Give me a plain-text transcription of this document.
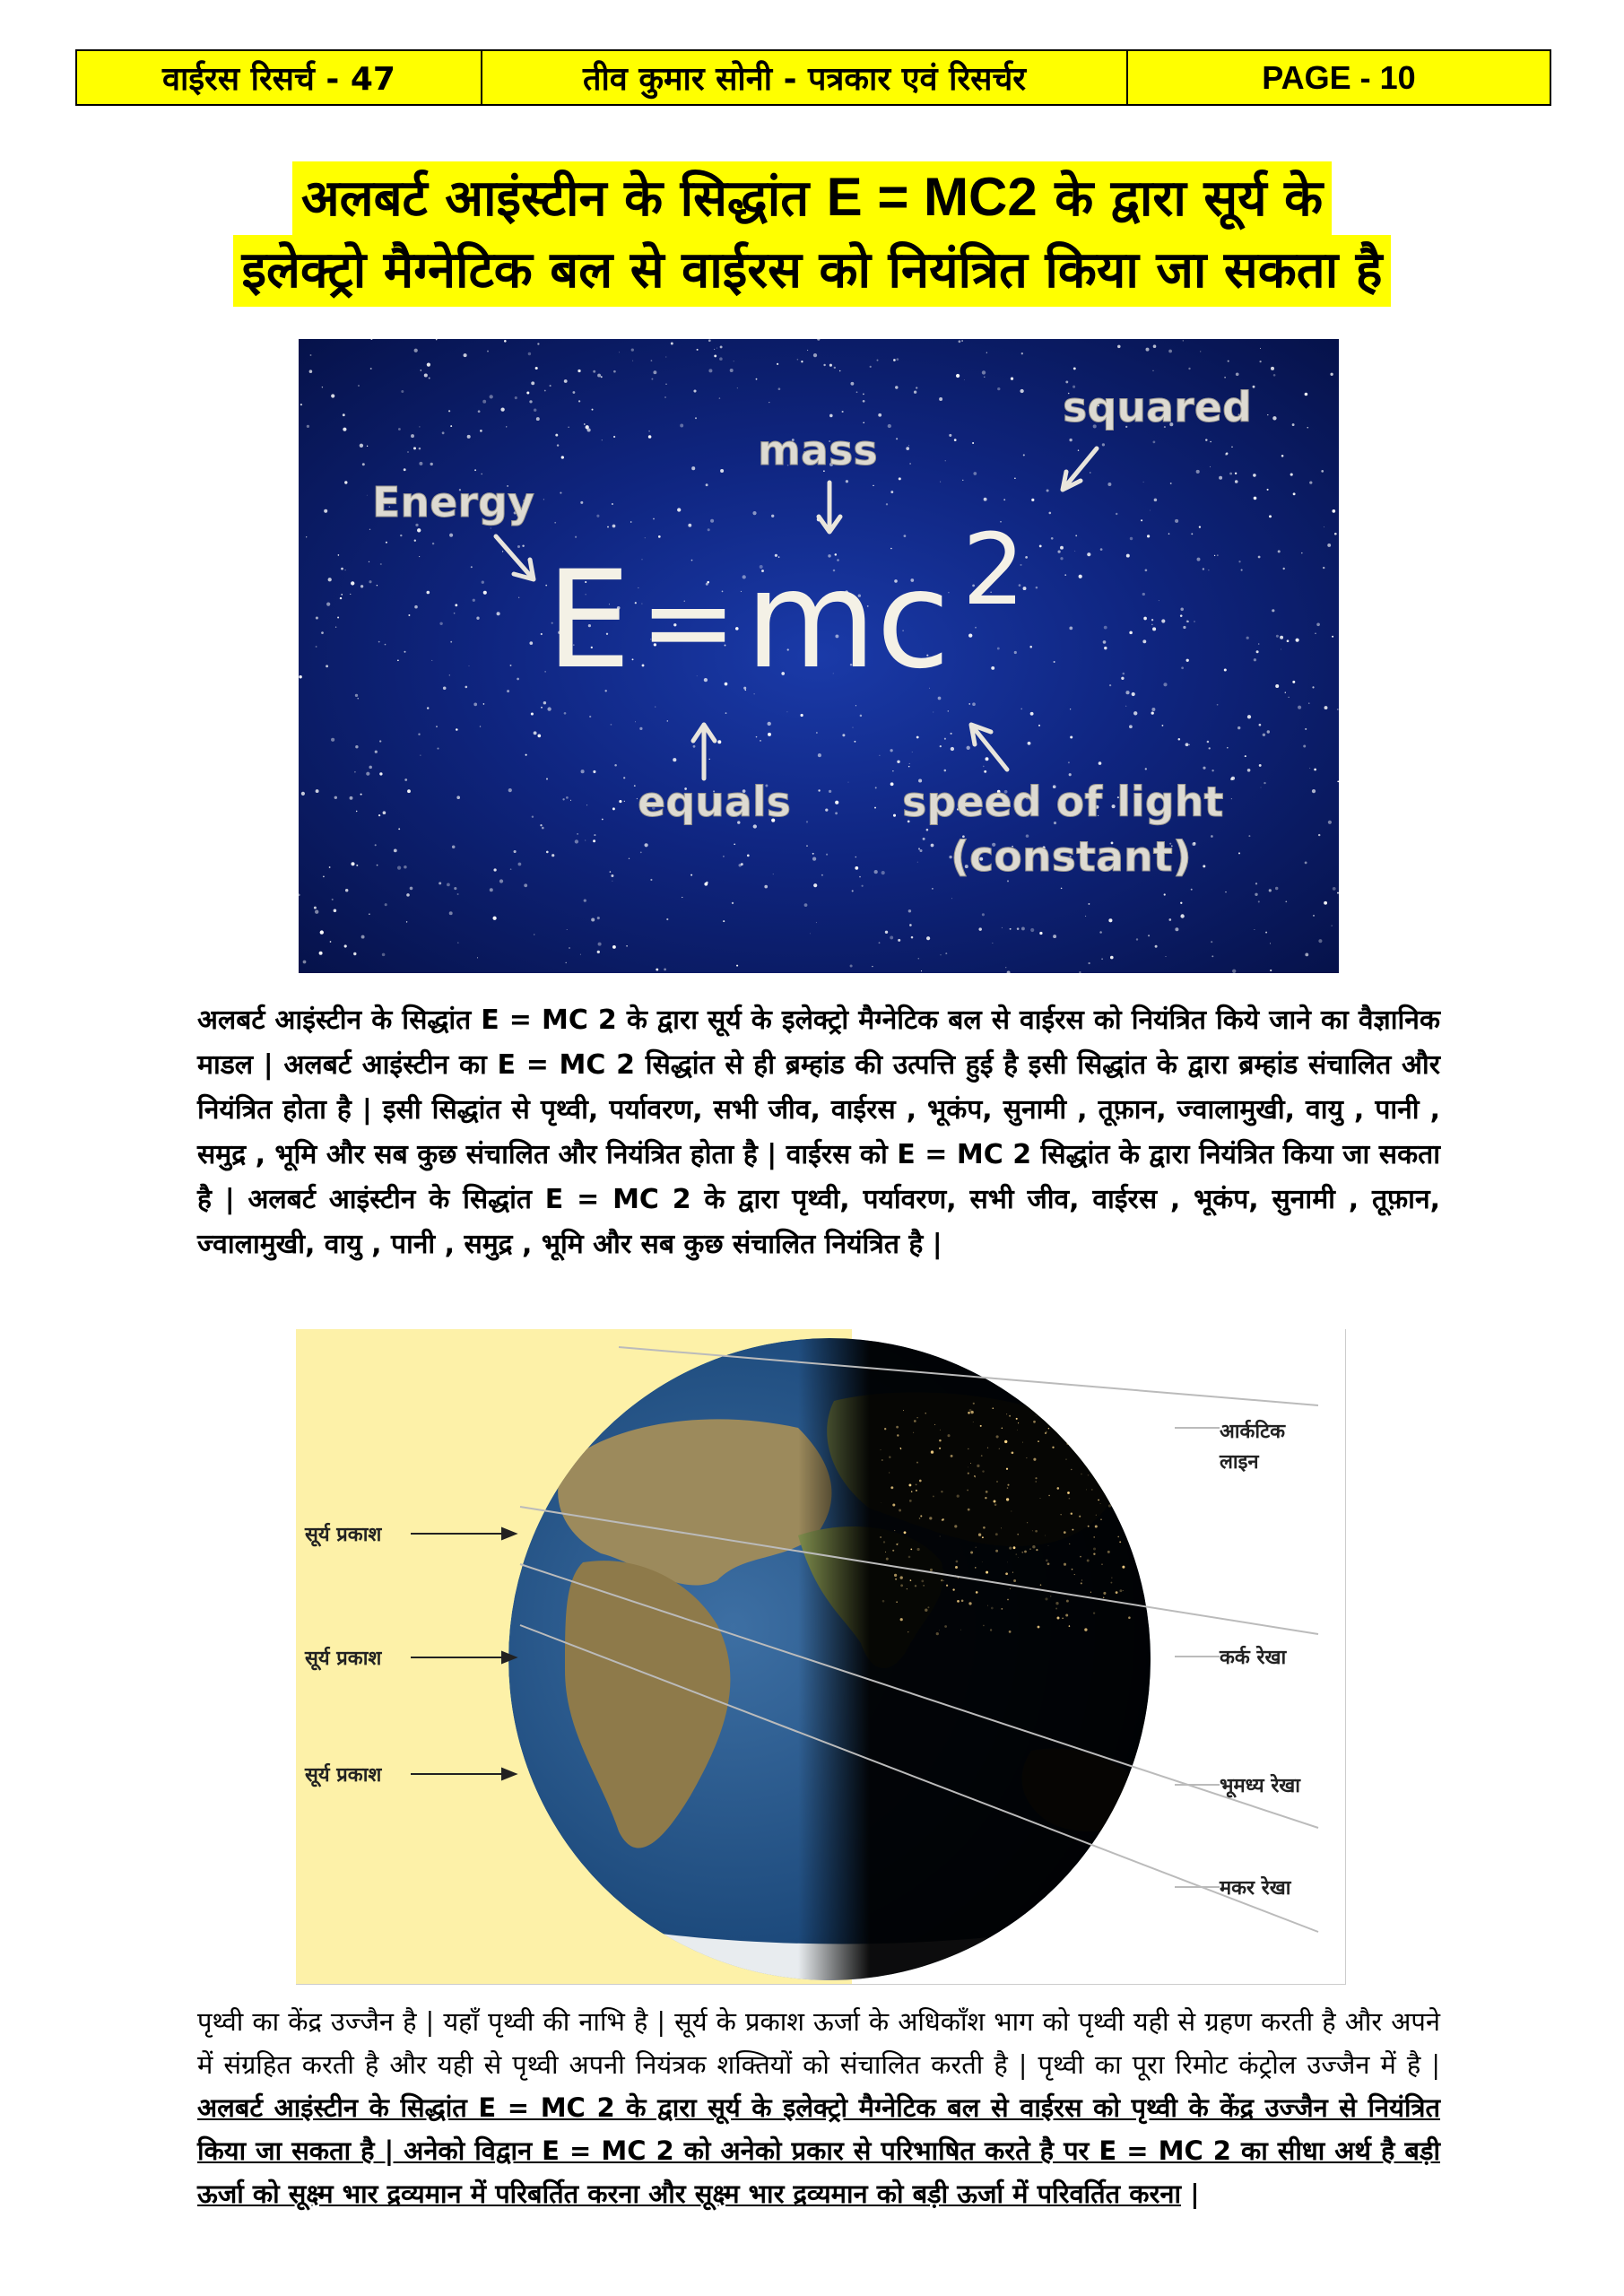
वाईरस रिसर्च - 47	तीव कुमार सोनी - पत्रकार एवं रिसर्चर	PAGE - 10
अलबर्ट आइंस्टीन के सिद्धांत E = MC2 के द्वारा सूर्य के
इलेक्ट्रो मैग्नेटिक बल से वाईरस को नियंत्रित किया जा सकता है
E = mc 2
Energy
mass
squared
equals	speed of light
(constant)
अलबर्ट आइंस्टीन के सिद्धांत E = MC 2 के द्वारा सूर्य के इलेक्ट्रो मैग्नेटिक बल से वाईरस को नियंत्रित किये जाने का वैज्ञानिक माडल | अलबर्ट आइंस्टीन का E = MC 2 सिद्धांत से ही ब्रम्हांड की उत्पत्ति हुई है इसी सिद्धांत के द्वारा ब्रम्हांड संचालित और नियंत्रित होता है | इसी सिद्धांत से पृथ्वी, पर्यावरण, सभी जीव, वाईरस , भूकंप, सुनामी , तूफ़ान, ज्वालामुखी, वायु , पानी , समुद्र , भूमि और सब कुछ संचालित और नियंत्रित होता है | वाईरस को E = MC 2 सिद्धांत के द्वारा नियंत्रित किया जा सकता है | अलबर्ट आइंस्टीन के सिद्धांत E = MC 2 के द्वारा पृथ्वी, पर्यावरण, सभी जीव, वाईरस , भूकंप, सुनामी , तूफ़ान, ज्वालामुखी, वायु , पानी , समुद्र , भूमि और सब कुछ संचालित नियंत्रित है |
सूर्य प्रकाश
सूर्य प्रकाश
सूर्य प्रकाश
आर्कटिक
लाइन
कर्क रेखा
भूमध्य रेखा
मकर रेखा
पृथ्वी का केंद्र उज्जैन है | यहाँ पृथ्वी की नाभि है | सूर्य के प्रकाश ऊर्जा के अधिकाँश भाग को पृथ्वी यही से ग्रहण करती है और अपने में संग्रहित करती है और यही से पृथ्वी अपनी नियंत्रक शक्तियों को संचालित करती है | पृथ्वी का पूरा रिमोट कंट्रोल उज्जैन में है | अलबर्ट आइंस्टीन के सिद्धांत E = MC 2 के द्वारा सूर्य के इलेक्ट्रो मैग्नेटिक बल से वाईरस को पृथ्वी के केंद्र उज्जैन से नियंत्रित किया जा सकता है | अनेको विद्वान E = MC 2 को अनेको प्रकार से परिभाषित करते है पर E = MC 2 का सीधा अर्थ है बड़ी ऊर्जा को सूक्ष्म भार द्रव्यमान में परिबर्तित करना और सूक्ष्म भार द्रव्यमान को बड़ी ऊर्जा में परिवर्तित करना |
